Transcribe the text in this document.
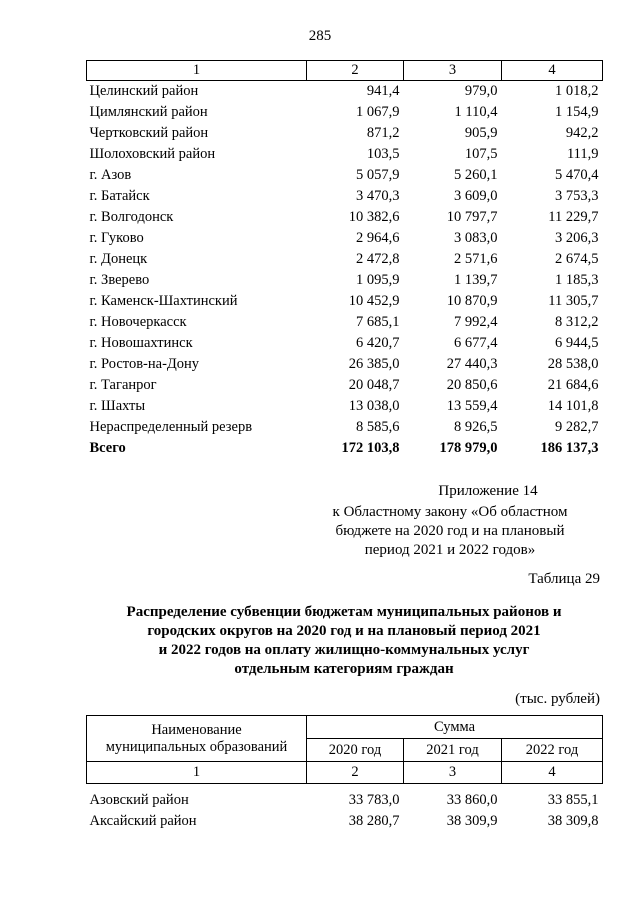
285
1	2	3	4
Целинский район	941,4	979,0	1 018,2
Цимлянский район	1 067,9	1 110,4	1 154,9
Чертковский район	871,2	905,9	942,2
Шолоховский район	103,5	107,5	111,9
г. Азов	5 057,9	5 260,1	5 470,4
г. Батайск	3 470,3	3 609,0	3 753,3
г. Волгодонск	10 382,6	10 797,7	11 229,7
г. Гуково	2 964,6	3 083,0	3 206,3
г. Донецк	2 472,8	2 571,6	2 674,5
г. Зверево	1 095,9	1 139,7	1 185,3
г. Каменск-Шахтинский	10 452,9	10 870,9	11 305,7
г. Новочеркасск	7 685,1	7 992,4	8 312,2
г. Новошахтинск	6 420,7	6 677,4	6 944,5
г. Ростов-на-Дону	26 385,0	27 440,3	28 538,0
г. Таганрог	20 048,7	20 850,6	21 684,6
г. Шахты	13 038,0	13 559,4	14 101,8
Нераспределенный резерв	8 585,6	8 926,5	9 282,7
Всего	172 103,8	178 979,0	186 137,3
Приложение 14
к Областному закону «Об областном
бюджете на 2020 год и на плановый
период 2021 и 2022 годов»
Таблица 29
Распределение субвенции бюджетам муниципальных районов и
городских округов на 2020 год и на плановый период 2021
и 2022 годов на оплату жилищно-коммунальных услуг
отдельным категориям граждан
(тыс. рублей)
Наименование
муниципальных образований	Сумма		
	2020 год	2021 год	2022 год
1	2	3	4

Азовский район	33 783,0	33 860,0	33 855,1
Аксайский район	38 280,7	38 309,9	38 309,8
